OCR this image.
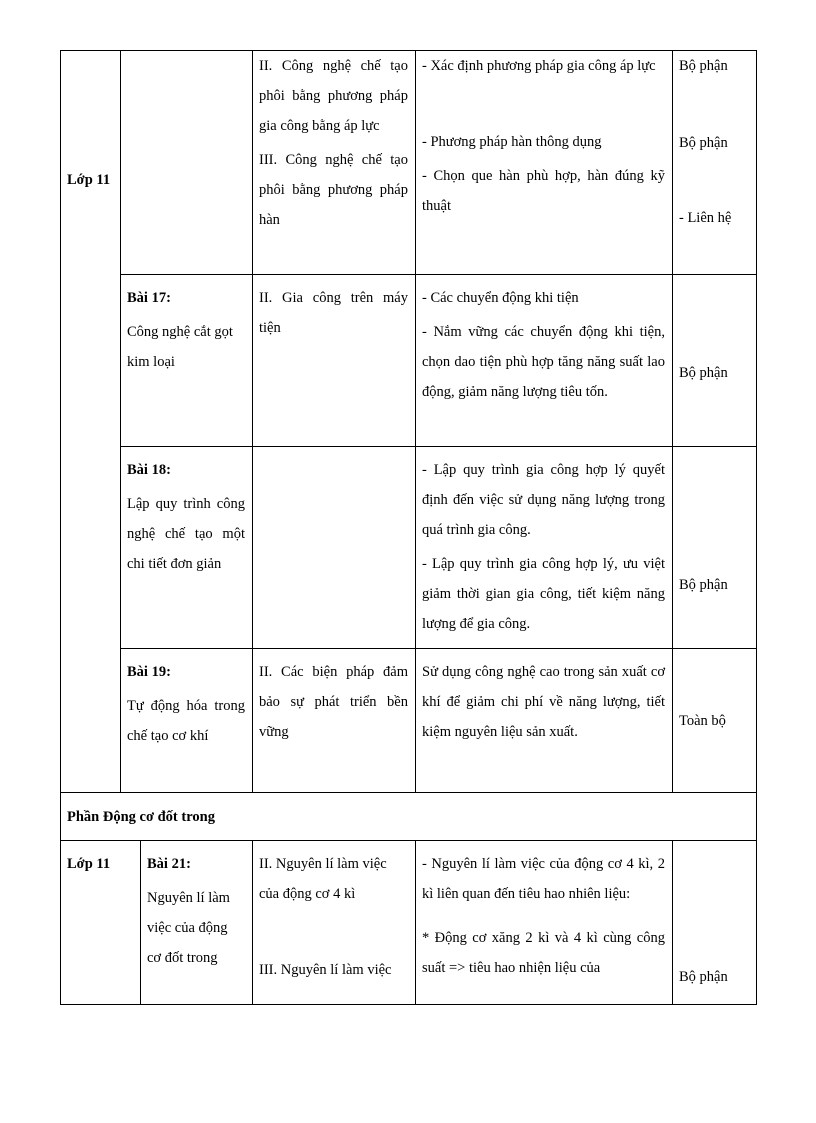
Lớp 11

II. Công nghệ chế tạo phôi bằng phương pháp gia công bằng áp lực

III. Công nghệ chế tạo phôi bằng phương pháp hàn

- Xác định phương pháp gia công áp lực

- Phương pháp hàn thông dụng

- Chọn que hàn phù hợp, hàn đúng kỹ thuật

Bộ phận
Bộ phận
- Liên hệ

Bài 17:

Công nghệ cắt gọt kim loại

II. Gia công trên máy tiện

- Các chuyển động khi tiện

- Nắm vững các chuyển động khi tiện, chọn dao tiện phù hợp tăng năng suất lao động, giảm năng lượng tiêu tốn.

Bộ phận

Bài 18:

Lập quy trình công nghệ chế tạo một chi tiết đơn giản

- Lập quy trình gia công hợp lý quyết định đến việc sử dụng năng lượng trong quá trình gia công.

- Lập quy trình gia công hợp lý, ưu việt giảm thời gian gia công, tiết kiệm năng lượng để gia công.

Bộ phận

Bài 19:

Tự động hóa trong chế tạo cơ khí

II. Các biện pháp đảm bảo sự phát triển bền vững
Sử dụng công nghệ cao trong sản xuất cơ khí để giảm chi phí về năng lượng, tiết kiệm nguyên liệu sản xuất.
Toàn bộ
Phần Động cơ đốt trong
Lớp 11	Bài 21:

Nguyên lí làm việc của động cơ đốt trong

II. Nguyên lí làm việc của động cơ 4 kì

III. Nguyên lí làm việc

- Nguyên lí làm việc của động cơ 4 kì, 2 kì liên quan đến tiêu hao nhiên liệu:

* Động cơ xăng 2 kì và 4 kì cùng công suất => tiêu hao nhiện liệu của

Bộ phận
